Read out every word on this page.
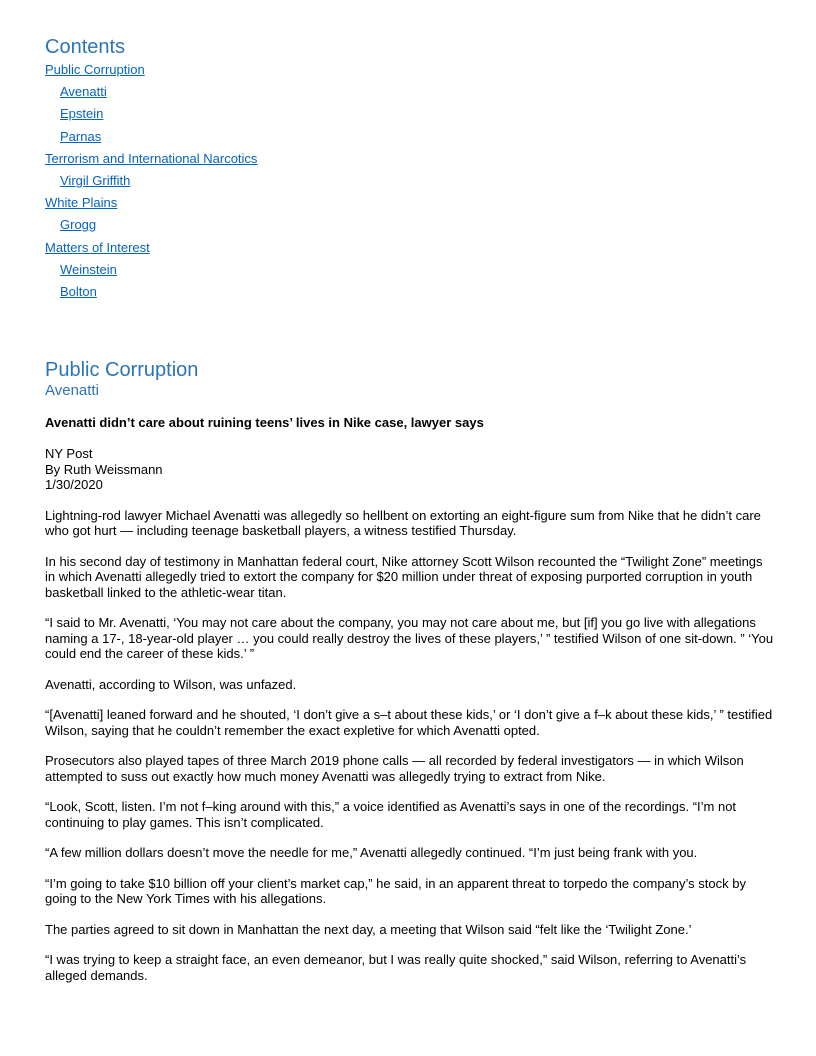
Contents
Public Corruption
Avenatti
Epstein
Parnas
Terrorism and International Narcotics
Virgil Griffith
White Plains
Grogg
Matters of Interest
Weinstein
Bolton
Public Corruption
Avenatti

Avenatti didn’t care about ruining teens’ lives in Nike case, lawyer says

NY Post
By Ruth Weissmann
1/30/2020

Lightning-rod lawyer Michael Avenatti was allegedly so hellbent on extorting an eight-figure sum from Nike that he didn’t care who got hurt — including teenage basketball players, a witness testified Thursday.

In his second day of testimony in Manhattan federal court, Nike attorney Scott Wilson recounted the “Twilight Zone” meetings in which Avenatti allegedly tried to extort the company for $20 million under threat of exposing purported corruption in youth basketball linked to the athletic-wear titan.

“I said to Mr. Avenatti, ‘You may not care about the company, you may not care about me, but [if] you go live with allegations naming a 17-, 18-year-old player … you could really destroy the lives of these players,’ ” testified Wilson of one sit-down. ” ‘You could end the career of these kids.’ ”

Avenatti, according to Wilson, was unfazed.

“[Avenatti] leaned forward and he shouted, ‘I don’t give a s–t about these kids,’ or ‘I don’t give a f–k about these kids,’ ” testified Wilson, saying that he couldn’t remember the exact expletive for which Avenatti opted.

Prosecutors also played tapes of three March 2019 phone calls — all recorded by federal investigators — in which Wilson attempted to suss out exactly how much money Avenatti was allegedly trying to extract from Nike.

“Look, Scott, listen. I’m not f–king around with this,” a voice identified as Avenatti’s says in one of the recordings. “I’m not continuing to play games. This isn’t complicated.

“A few million dollars doesn’t move the needle for me,” Avenatti allegedly continued. “I’m just being frank with you.

“I’m going to take $10 billion off your client’s market cap,” he said, in an apparent threat to torpedo the company’s stock by going to the New York Times with his allegations.

The parties agreed to sit down in Manhattan the next day, a meeting that Wilson said “felt like the ‘Twilight Zone.’

“I was trying to keep a straight face, an even demeanor, but I was really quite shocked,” said Wilson, referring to Avenatti’s alleged demands.
